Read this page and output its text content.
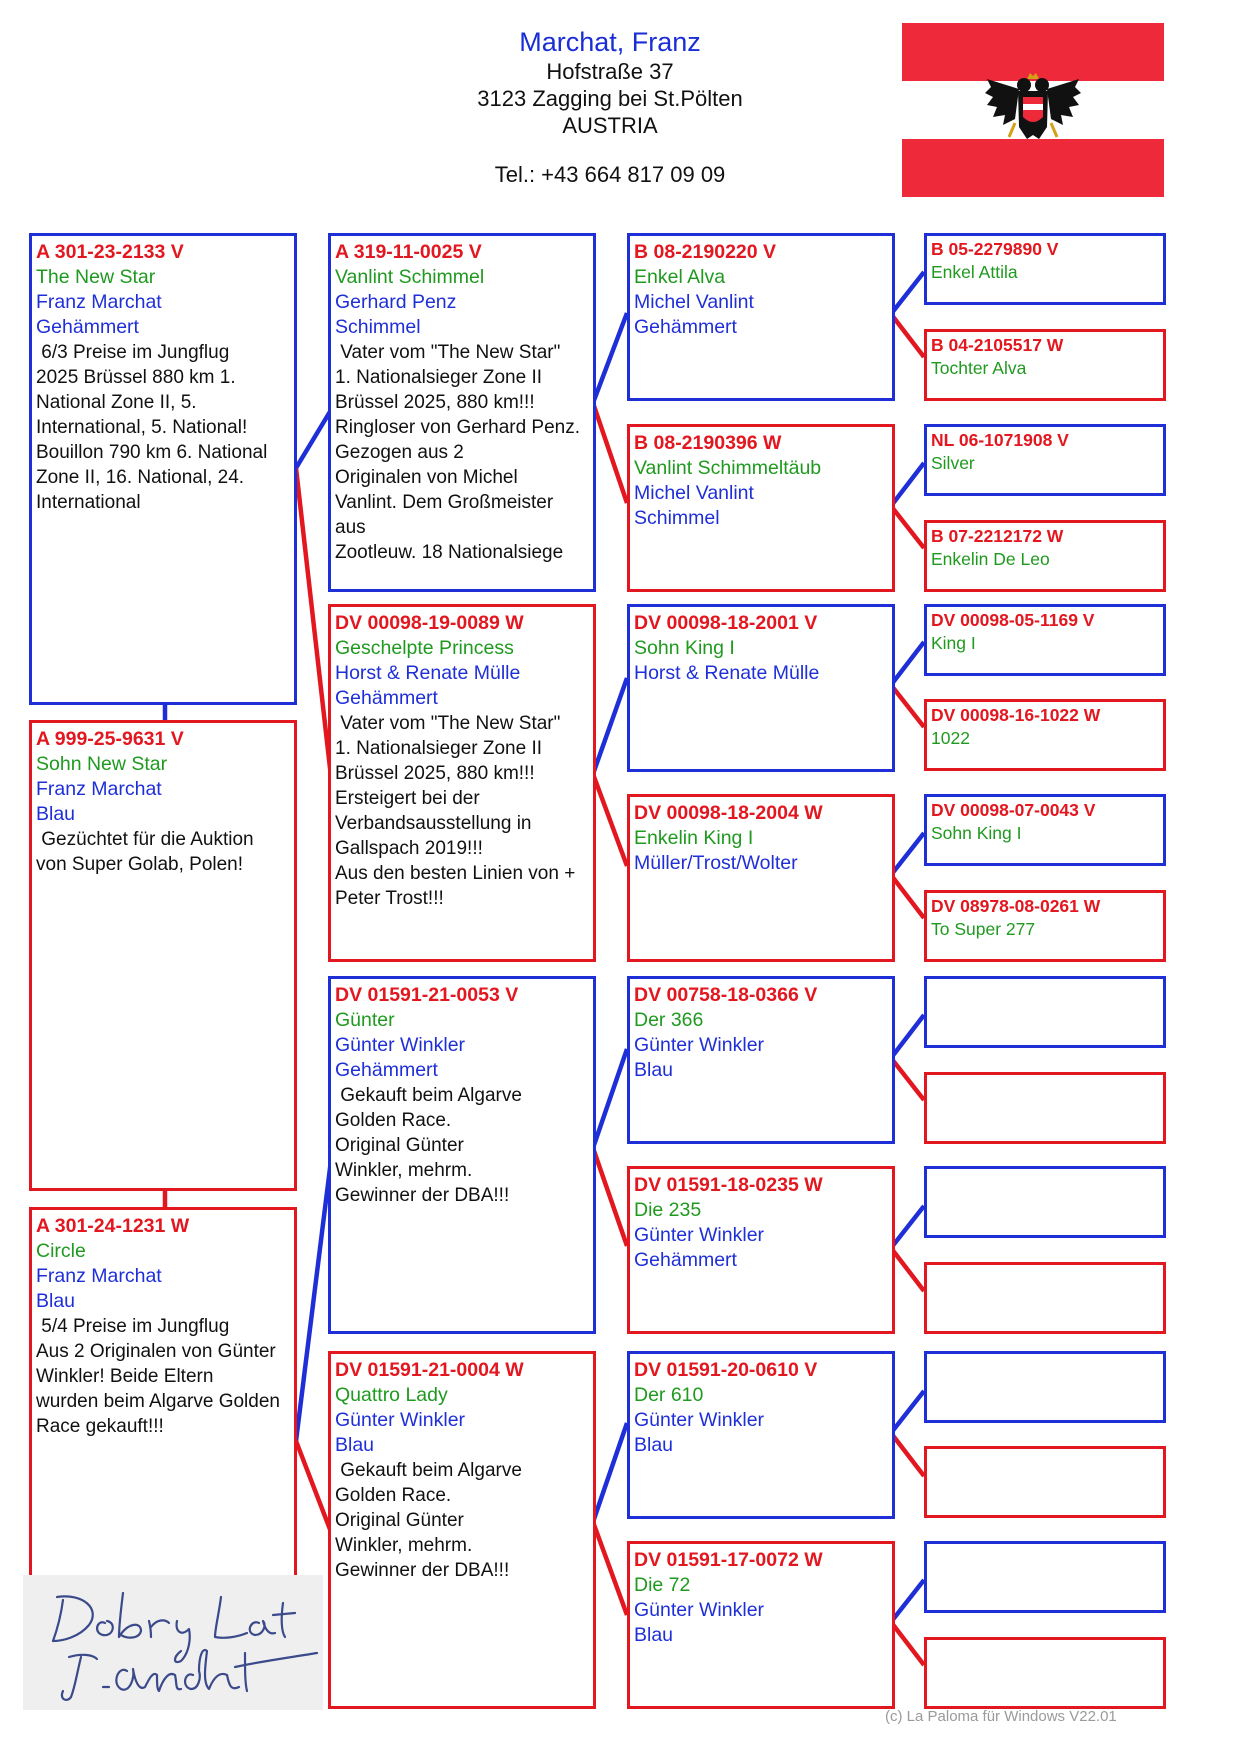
Marchat, Franz
Hofstraße 37
3123 Zagging bei St.Pölten
AUSTRIA
Tel.: +43 664 817 09 09
A 301-23-2133 V
The New Star
Franz Marchat
Gehämmert
6/3 Preise im Jungflug
2025 Brüssel 880 km 1.
National Zone II, 5.
International, 5. National!
Bouillon 790 km 6. National
Zone II, 16. National, 24.
International
A 999-25-9631 V
Sohn New Star
Franz Marchat
Blau
Gezüchtet für die Auktion
von Super Golab, Polen!
A 301-24-1231 W
Circle
Franz Marchat
Blau
5/4 Preise im Jungflug
Aus 2 Originalen von Günter
Winkler! Beide Eltern
wurden beim Algarve Golden
Race gekauft!!!
A 319-11-0025 V
Vanlint Schimmel
Gerhard Penz
Schimmel
Vater vom "The New Star"
1. Nationalsieger Zone II
Brüssel 2025, 880 km!!!
Ringloser von Gerhard Penz.
Gezogen aus 2
Originalen von Michel
Vanlint. Dem Großmeister
aus
Zootleuw. 18 Nationalsiege
DV 00098-19-0089 W
Geschelpte Princess
Horst & Renate Mülle
Gehämmert
Vater vom "The New Star"
1. Nationalsieger Zone II
Brüssel 2025, 880 km!!!
Ersteigert bei der
Verbandsausstellung in
Gallspach 2019!!!
Aus den besten Linien von +
Peter Trost!!!
DV 01591-21-0053 V
Günter
Günter Winkler
Gehämmert
Gekauft beim Algarve
Golden Race.
Original Günter
Winkler, mehrm.
Gewinner der DBA!!!
DV 01591-21-0004 W
Quattro Lady
Günter Winkler
Blau
Gekauft beim Algarve
Golden Race.
Original Günter
Winkler, mehrm.
Gewinner der DBA!!!
B 08-2190220 V
Enkel Alva
Michel Vanlint
Gehämmert
B 08-2190396 W
Vanlint Schimmeltäub
Michel Vanlint
Schimmel
DV 00098-18-2001 V
Sohn King I
Horst & Renate Mülle
DV 00098-18-2004 W
Enkelin King I
Müller/Trost/Wolter
DV 00758-18-0366 V
Der 366
Günter Winkler
Blau
DV 01591-18-0235 W
Die 235
Günter Winkler
Gehämmert
DV 01591-20-0610 V
Der 610
Günter Winkler
Blau
DV 01591-17-0072 W
Die 72
Günter Winkler
Blau
B 05-2279890 V
Enkel Attila
B 04-2105517 W
Tochter Alva
NL 06-1071908 V
Silver
B 07-2212172 W
Enkelin De Leo
DV 00098-05-1169 V
King I
DV 00098-16-1022 W
1022
DV 00098-07-0043 V
Sohn King I
DV 08978-08-0261 W
To Super 277
(c) La Paloma für Windows V22.01
